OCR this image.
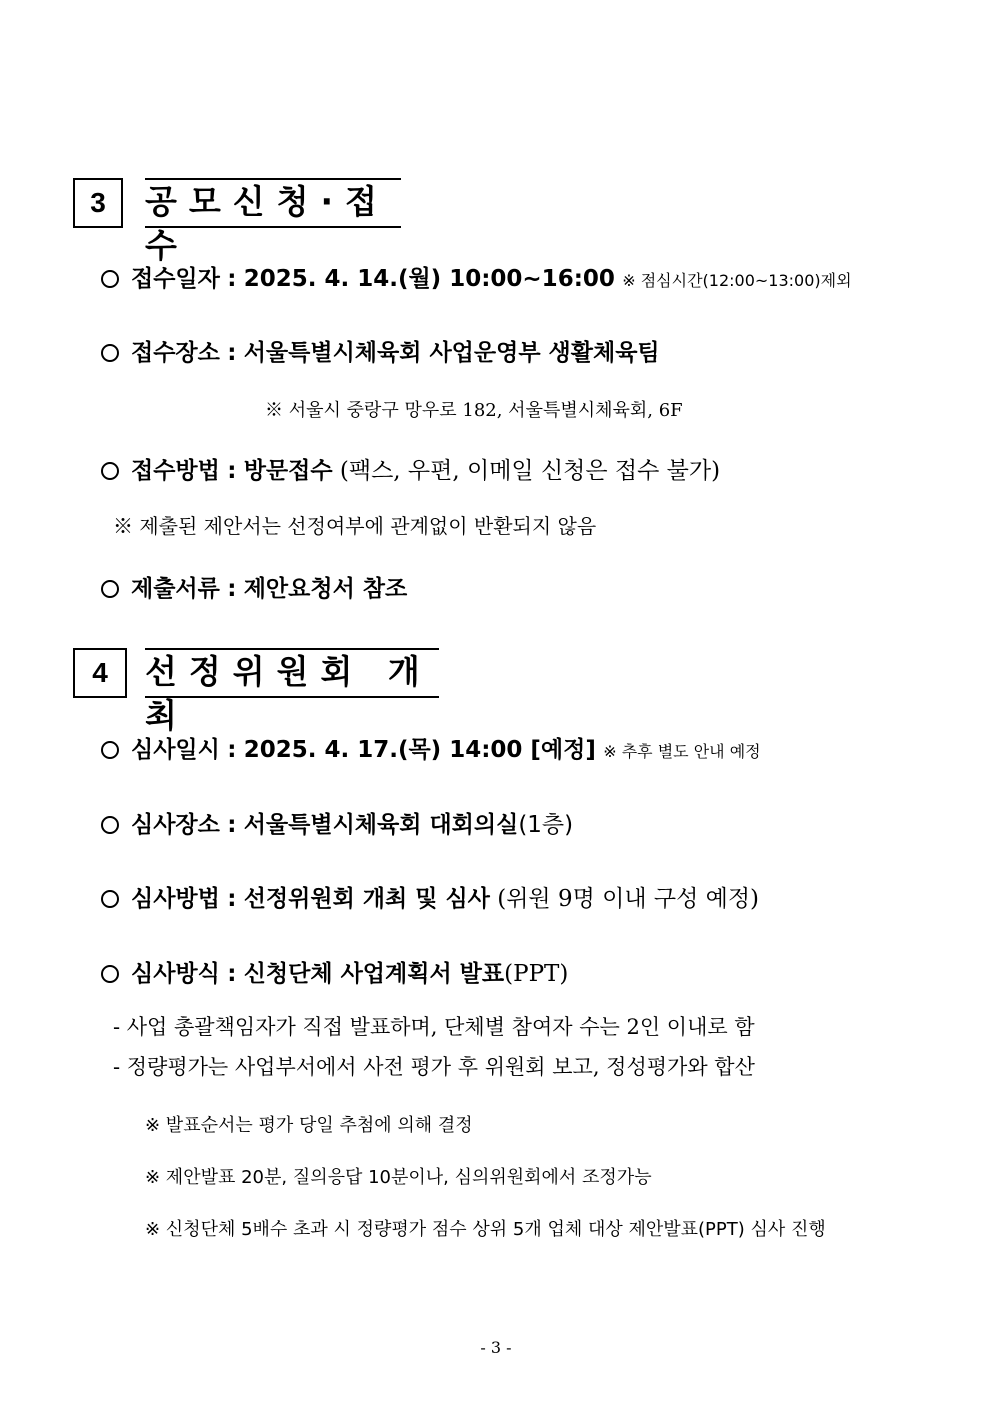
3 공모신청·접수
접수일자 : 2025. 4. 14.(월) 10:00~16:00 ※ 점심시간(12:00~13:00)제외
접수장소 : 서울특별시체육회 사업운영부 생활체육팀
※ 서울시 중랑구 망우로 182, 서울특별시체육회, 6F
접수방법 : 방문접수 (팩스, 우편, 이메일 신청은 접수 불가)
※ 제출된 제안서는 선정여부에 관계없이 반환되지 않음
제출서류 : 제안요청서 참조
4 선정위원회 개최
심사일시 : 2025. 4. 17.(목) 14:00 [예정] ※ 추후 별도 안내 예정
심사장소 : 서울특별시체육회 대회의실(1층)
심사방법 : 선정위원회 개최 및 심사 (위원 9명 이내 구성 예정)
심사방식 : 신청단체 사업계획서 발표(PPT)
- 사업 총괄책임자가 직접 발표하며, 단체별 참여자 수는 2인 이내로 함
- 정량평가는 사업부서에서 사전 평가 후 위원회 보고, 정성평가와 합산
※ 발표순서는 평가 당일 추첨에 의해 결정
※ 제안발표 20분, 질의응답 10분이나, 심의위원회에서 조정가능
※ 신청단체 5배수 초과 시 정량평가 점수 상위 5개 업체 대상 제안발표(PPT) 심사 진행
- 3 -
